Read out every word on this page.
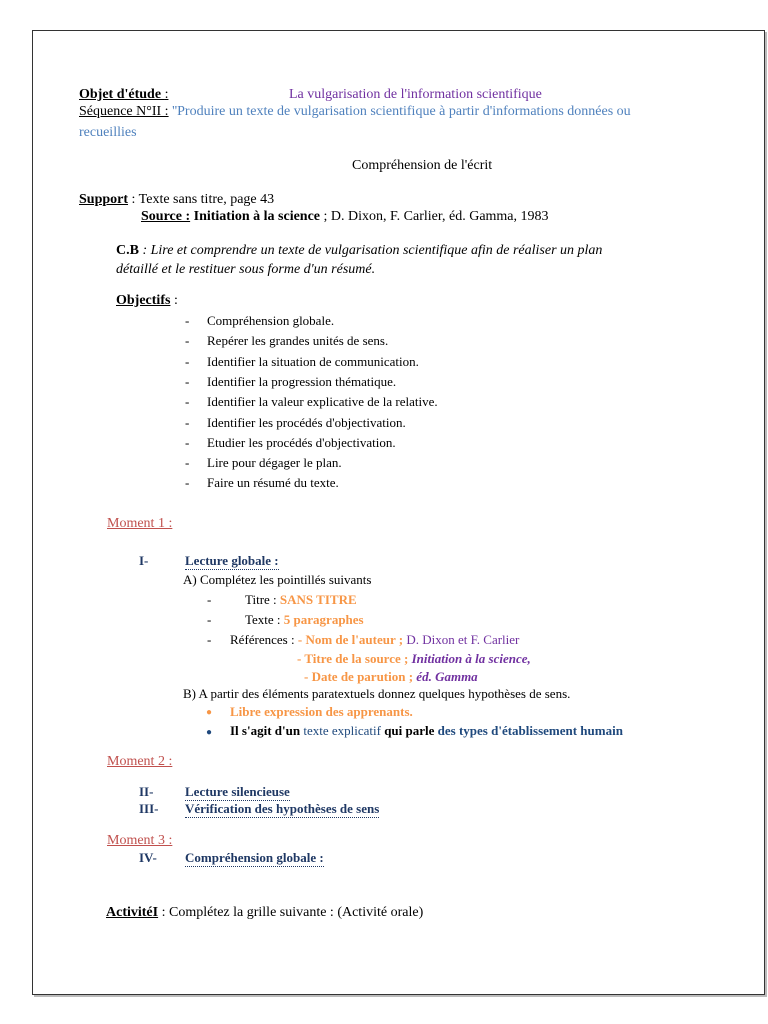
Objet d'étude :	La vulgarisation de l'information scientifique
Séquence N°II : ''Produire un texte de vulgarisation scientifique à partir d'informations données ou
recueillies
Compréhension de l'écrit
Support : Texte sans titre, page 43
Source : Initiation à la science ; D. Dixon, F. Carlier, éd. Gamma, 1983
C.B : Lire et comprendre un texte de vulgarisation scientifique afin de réaliser un plan
détaillé et le restituer sous forme d'un résumé.
Objectifs :
- Compréhension globale.
- Repérer les grandes unités de sens.
- Identifier la situation de communication.
- Identifier la progression thématique.
- Identifier la valeur explicative de la relative.
- Identifier les procédés d'objectivation.
- Etudier les procédés d'objectivation.
- Lire pour dégager le plan.
- Faire un résumé du texte.
Moment 1 :
I-	Lecture globale :
A) Complétez les pointillés suivants
-	Titre : SANS TITRE
-	Texte : 5 paragraphes
- Références : - Nom de l'auteur ; D. Dixon et F. Carlier
- Titre de la source ; Initiation à la science,
- Date de parution ; éd. Gamma
B) A partir des éléments paratextuels donnez quelques hypothèses de sens.
● Libre expression des apprenants.
● Il s'agit d'un texte explicatif qui parle des types d'établissement humain
Moment 2 :
II- Lecture silencieuse
III- Vérification des hypothèses de sens
Moment 3 :
IV- Compréhension globale :
ActivitéI : Complétez la grille suivante : (Activité orale)
